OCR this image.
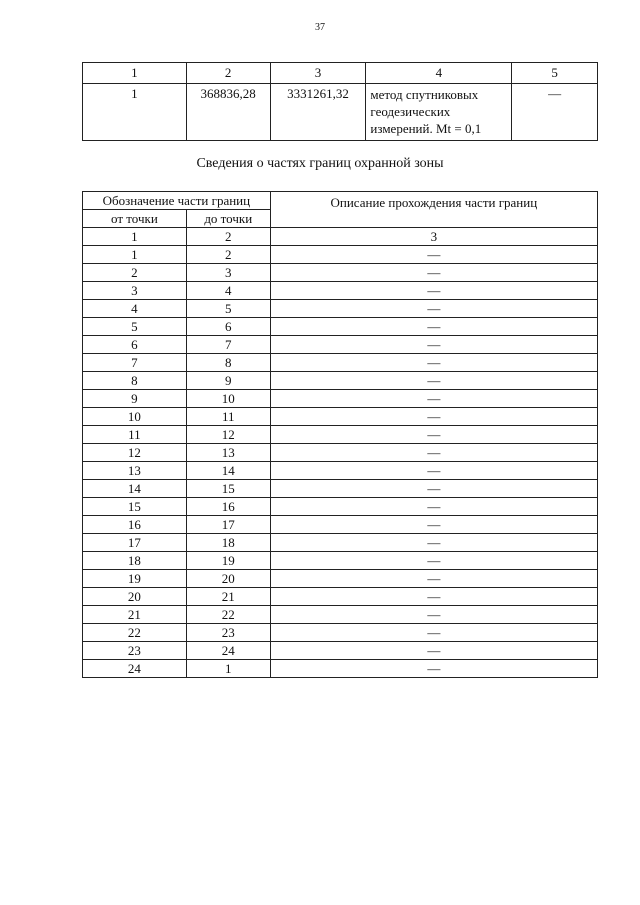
37
1	2	3	4	5
1	368836,28	3331261,32	метод спутниковых
геодезических
измерений. Mt = 0,1	—
Сведения о частях границ охранной зоны
Обозначение части границ		Описание прохождения части границ
от точки	до точки	
1	2	3
1	2	—
2	3	—
3	4	—
4	5	—
5	6	—
6	7	—
7	8	—
8	9	—
9	10	—
10	11	—
11	12	—
12	13	—
13	14	—
14	15	—
15	16	—
16	17	—
17	18	—
18	19	—
19	20	—
20	21	—
21	22	—
22	23	—
23	24	—
24	1	—
